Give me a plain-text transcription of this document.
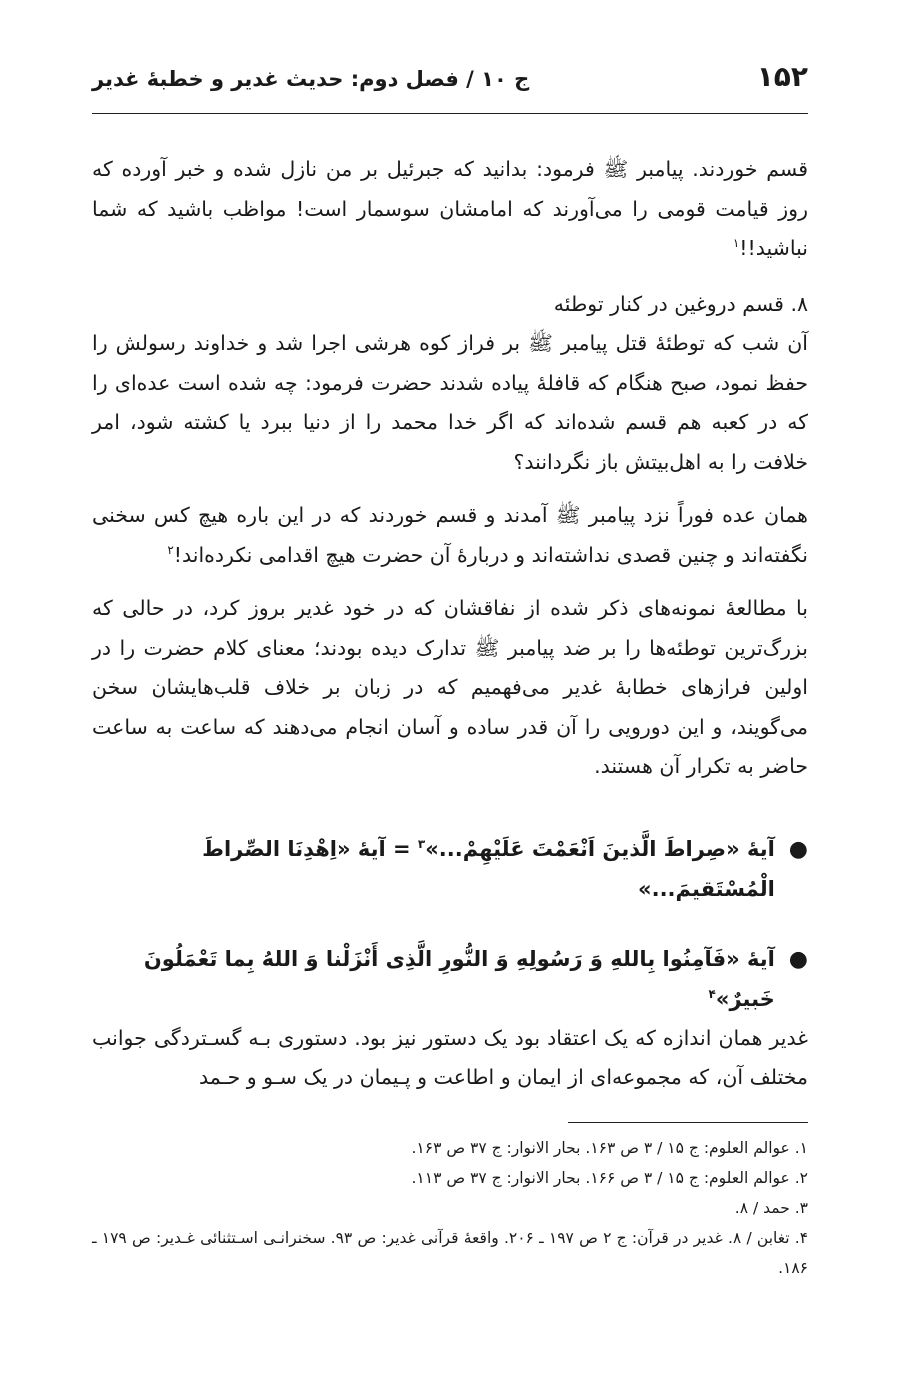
۱۵۲
ج ۱۰ / فصل دوم: حدیث غدیر و خطبهٔ غدیر

قسم خوردند. پیامبر ﷺ فرمود: بدانید که جبرئیل بر من نازل شده و خبر آورده که روز قیامت قومی را می‌آورند که امامشان سوسمار است! مواظب باشید که شما نباشید!!$^۱$

۸. قسم دروغین در کنار توطئه

آن شب که توطئهٔ قتل پیامبر ﷺ بر فراز کوه هرشی اجرا شد و خداوند رسولش را حفظ نمود، صبح هنگام که قافلهٔ پیاده شدند حضرت فرمود: چه شده است عده‌ای را که در کعبه هم قسم شده‌اند که اگر خدا محمد را از دنیا ببرد یا کشته شود، امر خلافت را به اهل‌بیتش باز نگردانند؟

همان عده فوراً نزد پیامبر ﷺ آمدند و قسم خوردند که در این باره هیچ کس سخنی نگفته‌اند و چنین قصدی نداشته‌اند و دربارهٔ آن حضرت هیچ اقدامی نکرده‌اند!$^۲$

با مطالعهٔ نمونه‌های ذکر شده از نفاقشان که در خود غدیر بروز کرد، در حالی که بزرگ‌ترین توطئه‌ها را بر ضد پیامبر ﷺ تدارک دیده بودند؛ معنای کلام حضرت را در اولین فرازهای خطابهٔ غدیر می‌فهمیم که در زبان بر خلاف قلب‌هایشان سخن می‌گویند، و این دورویی را آن قدر ساده و آسان انجام می‌دهند که ساعت به ساعت حاضر به تکرار آن هستند.

●
آیهٔ «صِراطَ الَّذینَ اَنْعَمْتَ عَلَیْهِمْ...»$^۳$ = آیهٔ «اِهْدِنَا الصِّراطَ الْمُسْتَقیمَ...»
●
آیهٔ «فَآمِنُوا بِاللهِ وَ رَسُولِهِ وَ النُّورِ الَّذِی أَنْزَلْنا وَ اللهُ بِما تَعْمَلُونَ خَبیرٌ»$^۴$

غدیر همان اندازه که یک اعتقاد بود یک دستور نیز بود. دستوری بـه گسـتردگی جوانب مختلف آن، که مجموعه‌ای از ایمان و اطاعت و پـیمان در یک سـو و حـمد

۱. عوالم العلوم: ج ۱۵ / ۳ ص ۱۶۳. بحار الانوار: ج ۳۷ ص ۱۶۳.

۲. عوالم العلوم: ج ۱۵ / ۳ ص ۱۶۶. بحار الانوار: ج ۳۷ ص ۱۱۳.

۳. حمد / ۸.

۴. تغابن / ۸. غدیر در قرآن: ج ۲ ص ۱۹۷ ـ ۲۰۶. واقعهٔ قرآنی غدیر: ص ۹۳. سخنرانـی اسـتثنائی غـدیر: ص ۱۷۹ ـ ۱۸۶.
